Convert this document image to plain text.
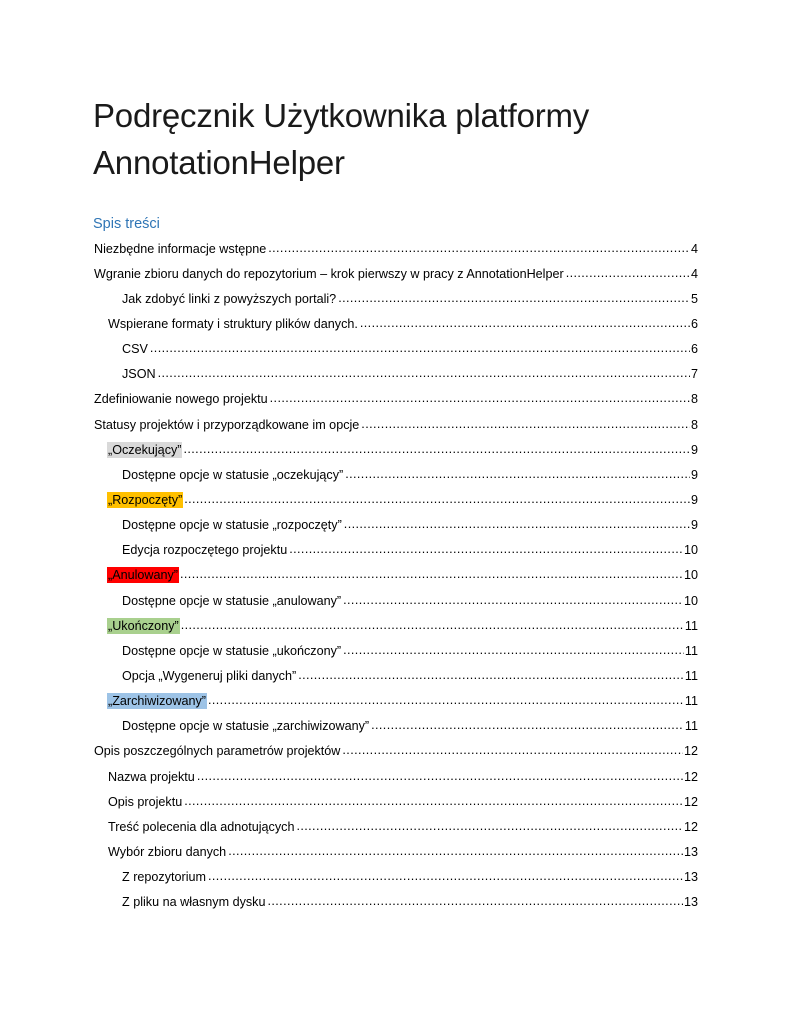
Podręcznik Użytkownika platformy
AnnotationHelper
Spis treści
Niezbędne informacje wstępne .....	4
Wgranie zbioru danych do repozytorium – krok pierwszy w pracy z AnnotationHelper .....	4
Jak zdobyć linki z powyższych portali? .....	5
Wspierane formaty i struktury plików danych. .....	6
CSV .....	6
JSON .....	7
Zdefiniowanie nowego projektu .....	8
Statusy projektów i przyporządkowane im opcje .....	8
„Oczekujący” .....	9
Dostępne opcje w statusie „oczekujący” .....	9
„Rozpoczęty” .....	9
Dostępne opcje w statusie „rozpoczęty” .....	9
Edycja rozpoczętego projektu .....	10
„Anulowany” .....	10
Dostępne opcje w statusie „anulowany” .....	10
„Ukończony” .....	11
Dostępne opcje w statusie „ukończony” .....	11
Opcja „Wygeneruj pliki danych” .....	11
„Zarchiwizowany” .....	11
Dostępne opcje w statusie „zarchiwizowany” .....	11
Opis poszczególnych parametrów projektów .....	12
Nazwa projektu .....	12
Opis projektu .....	12
Treść polecenia dla adnotujących .....	12
Wybór zbioru danych .....	13
Z repozytorium .....	13
Z pliku na własnym dysku .....	13
